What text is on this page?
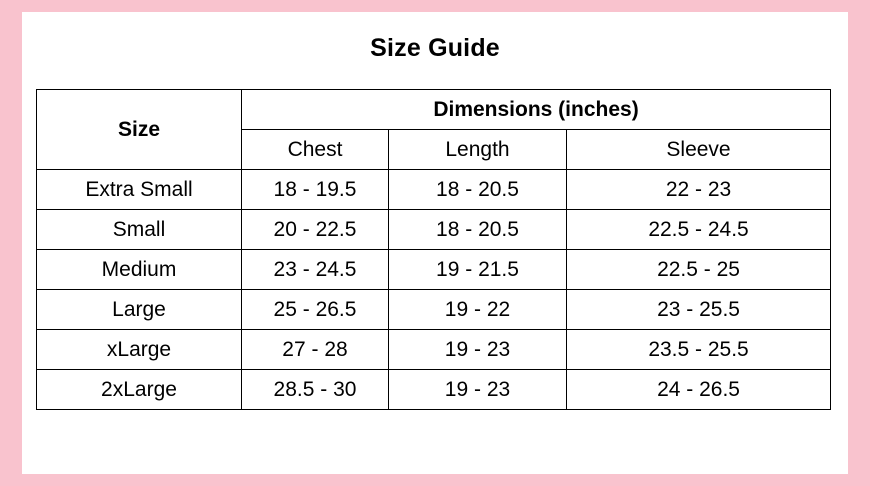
Size Guide
Size	Dimensions (inches)		
	Chest	Length	Sleeve
Extra Small	18 - 19.5	18 - 20.5	22 - 23
Small	20 - 22.5	18 - 20.5	22.5 - 24.5
Medium	23 - 24.5	19 - 21.5	22.5 - 25
Large	25 - 26.5	19 - 22	23 - 25.5
xLarge	27 - 28	19 - 23	23.5 - 25.5
2xLarge	28.5 - 30	19 - 23	24 - 26.5
